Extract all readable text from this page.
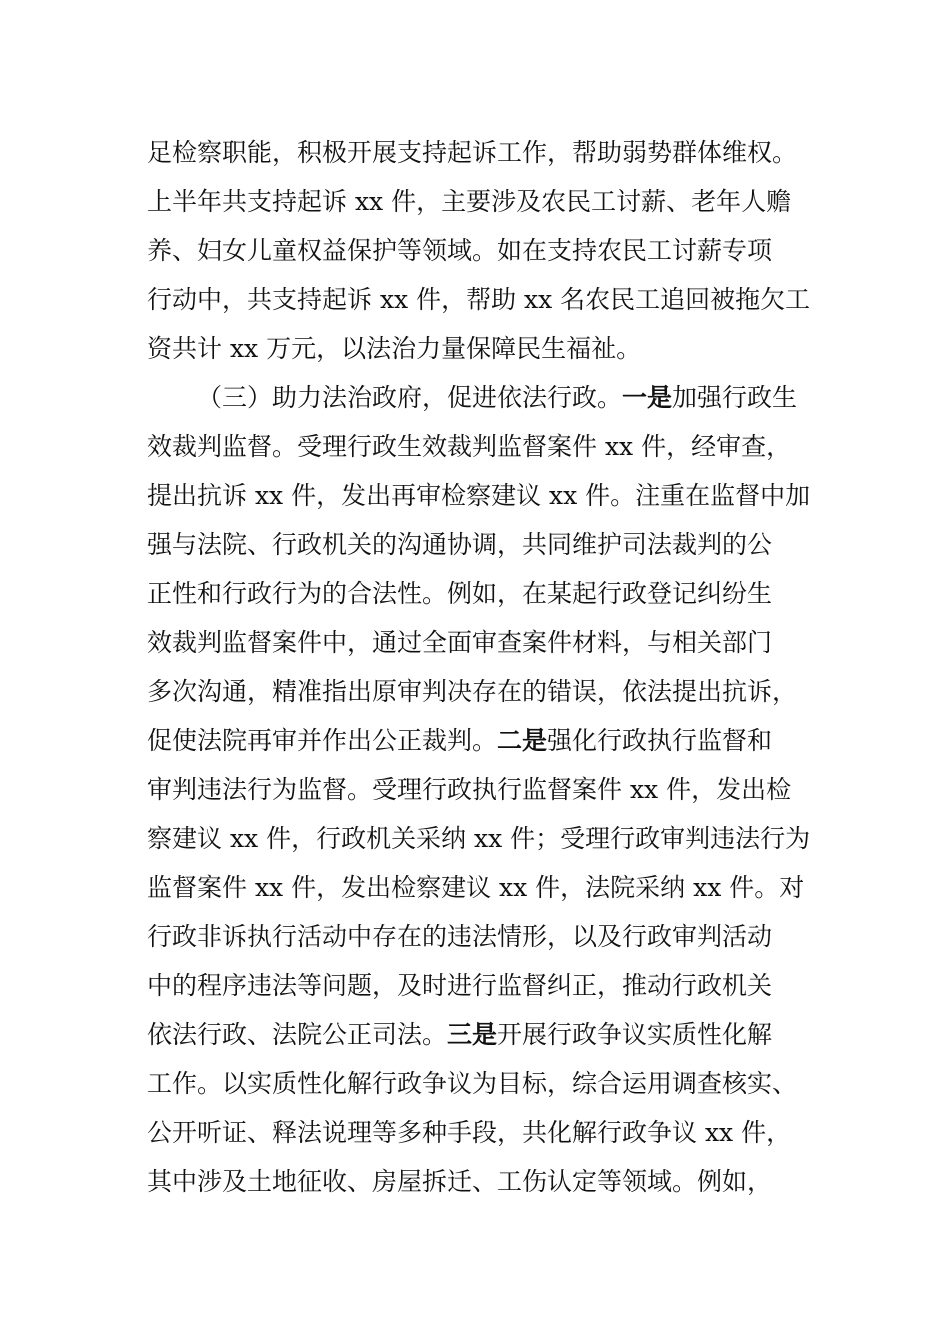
足检察职能，积极开展支持起诉工作，帮助弱势群体维权。
上半年共支持起诉 xx 件，主要涉及农民工讨薪、老年人赡
养、妇女儿童权益保护等领域。如在支持农民工讨薪专项
行动中，共支持起诉 xx 件，帮助 xx 名农民工追回被拖欠工
资共计 xx 万元，以法治力量保障民生福祉。
（三）助力法治政府，促进依法行政。一是加强行政生
效裁判监督。受理行政生效裁判监督案件 xx 件，经审查，
提出抗诉 xx 件，发出再审检察建议 xx 件。注重在监督中加
强与法院、行政机关的沟通协调，共同维护司法裁判的公
正性和行政行为的合法性。例如，在某起行政登记纠纷生
效裁判监督案件中，通过全面审查案件材料，与相关部门
多次沟通，精准指出原审判决存在的错误，依法提出抗诉，
促使法院再审并作出公正裁判。二是强化行政执行监督和
审判违法行为监督。受理行政执行监督案件 xx 件，发出检
察建议 xx 件，行政机关采纳 xx 件；受理行政审判违法行为
监督案件 xx 件，发出检察建议 xx 件，法院采纳 xx 件。对
行政非诉执行活动中存在的违法情形，以及行政审判活动
中的程序违法等问题，及时进行监督纠正，推动行政机关
依法行政、法院公正司法。三是开展行政争议实质性化解
工作。以实质性化解行政争议为目标，综合运用调查核实、
公开听证、释法说理等多种手段，共化解行政争议 xx 件，
其中涉及土地征收、房屋拆迁、工伤认定等领域。例如，
